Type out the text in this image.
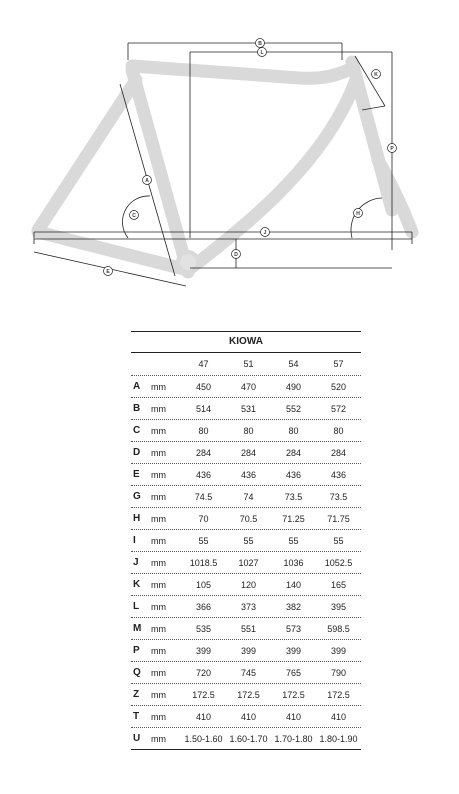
B
L
K
A
P
C	H
J
D
E
KIOWA
47	51	54	57
A	mm	450	470	490	520
B	mm	514	531	552	572
C	mm	80	80	80	80
D	mm	284	284	284	284
E	mm	436	436	436	436
G	mm	74.5	74	73.5	73.5
H	mm	70	70.5	71.25	71.75
I	mm	55	55	55	55
J	mm	1018.5	1027	1036	1052.5
K	mm	105	120	140	165
L	mm	366	373	382	395
M	mm	535	551	573	598.5
P	mm	399	399	399	399
Q	mm	720	745	765	790
Z	mm	172.5	172.5	172.5	172.5
T	mm	410	410	410	410
U	mm	1.50-1.60 1.60-1.70 1.70-1.80 1.80-1.90
